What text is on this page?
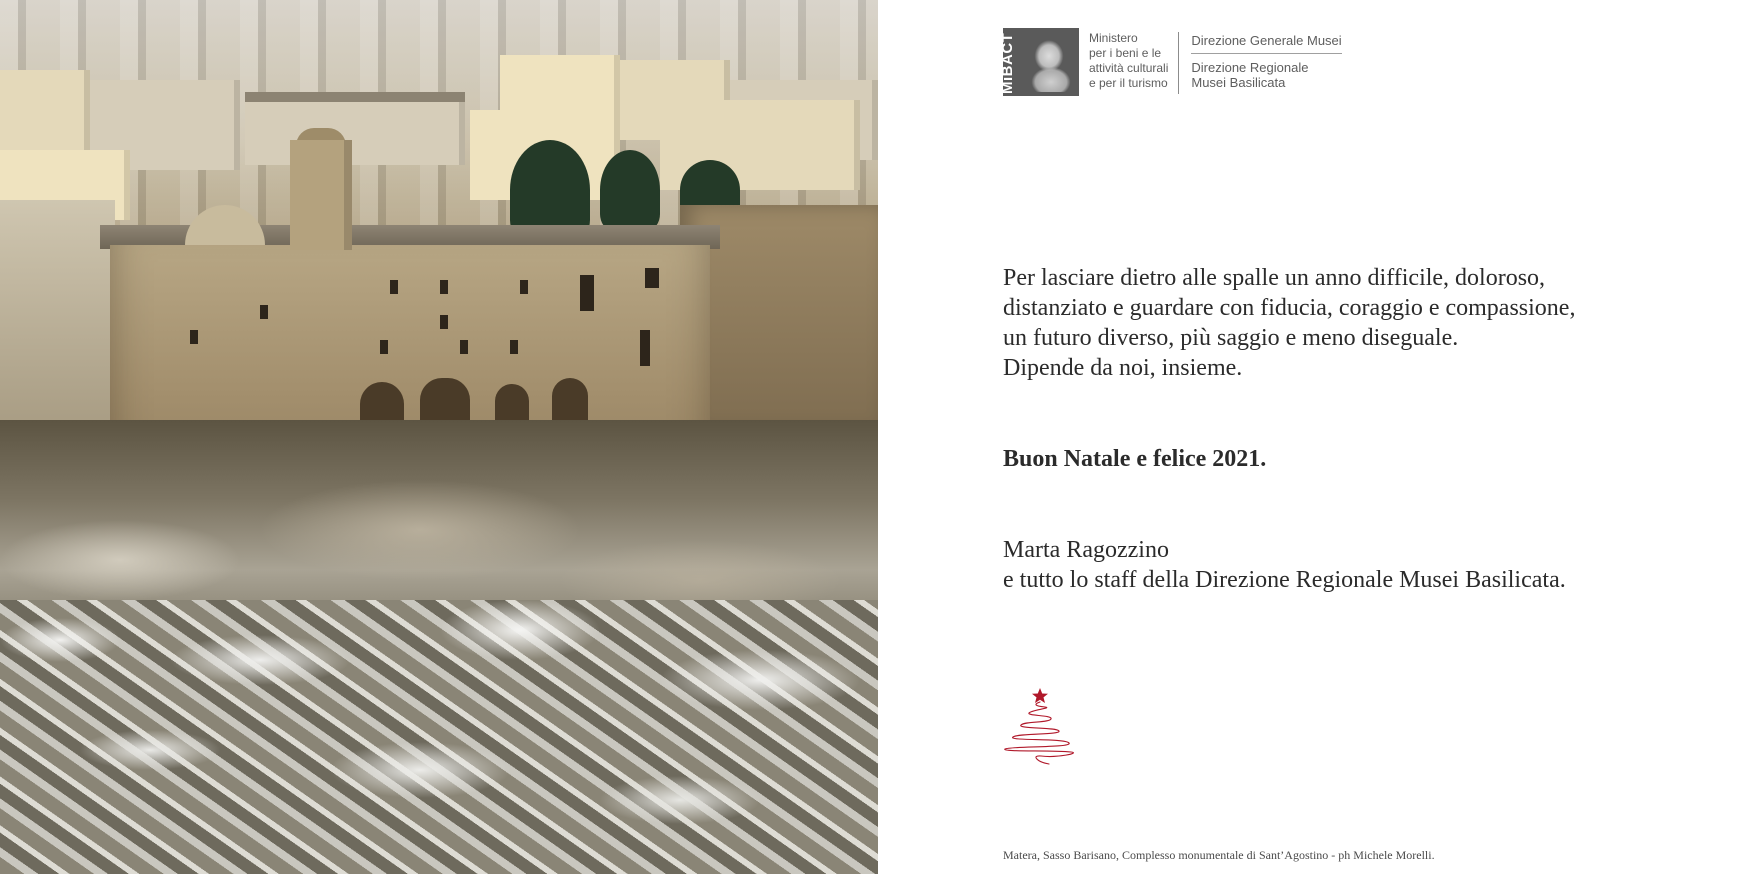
MiBACT	Ministero
per i beni e le
attività culturali
e per il turismo
Direzione Generale Musei
Direzione Regionale
Musei Basilicata
Per lasciare dietro alle spalle un anno difficile, doloroso,
distanziato e guardare con fiducia, coraggio e compassione,
un futuro diverso, più saggio e meno diseguale.
Dipende da noi, insieme.
Buon Natale e felice 2021.
Marta Ragozzino
e tutto lo staff della Direzione Regionale Musei Basilicata.
Matera, Sasso Barisano, Complesso monumentale di Sant’Agostino - ph Michele Morelli.
